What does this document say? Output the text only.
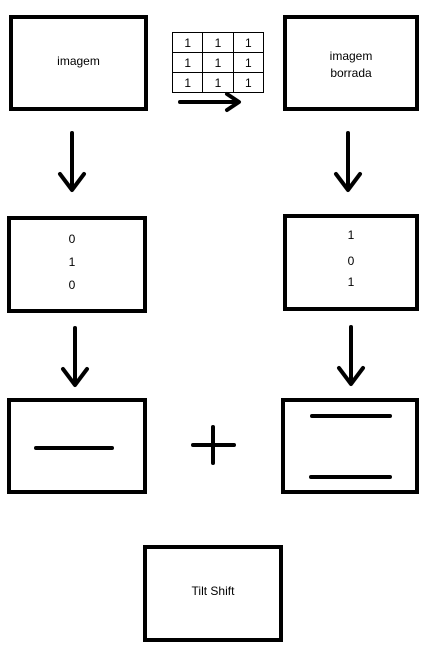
imagem
1	1	1
1	1	1
1	1	1
imagem
borrada
0
1
0
1
0
1
Tilt Shift
